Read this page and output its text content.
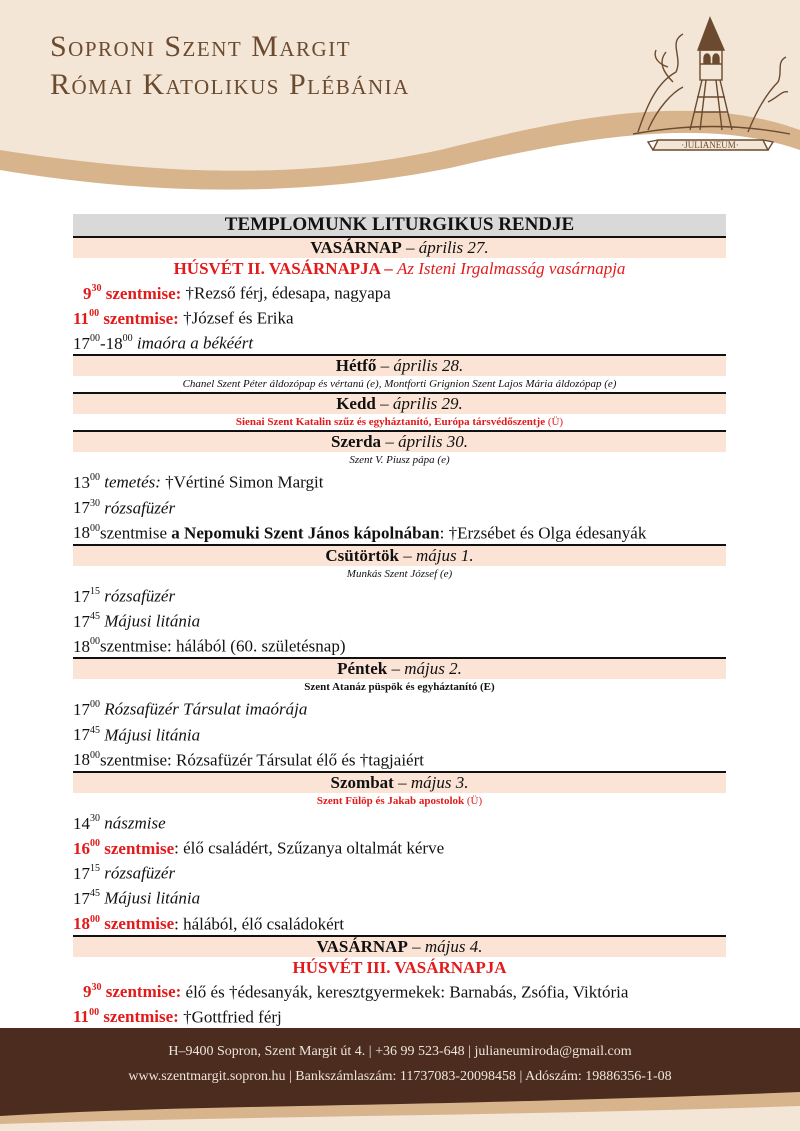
Soproni Szent Margit
Római Katolikus Plébánia
·JULIANEUM·
TEMPLOMUNK LITURGIKUS RENDJE
VASÁRNAP – április 27.
HÚSVÉT II. VASÁRNAPJA – Az Isteni Irgalmasság vasárnapja
$9^{30}$ szentmise: †Rezső férj, édesapa, nagyapa
$11^{00}$ szentmise: †József és Erika
$17^{00}-18^{00}$ imaóra a békéért
Hétfő – április 28.
Chanel Szent Péter áldozópap és vértanú (e), Montforti Grignion Szent Lajos Mária áldozópap (e)
Kedd – április 29.
Sienai Szent Katalin szűz és egyháztanító, Európa társvédőszentje (Ü)
Szerda – április 30.
Szent V. Piusz pápa (e)
$13^{00}$ temetés: †Vértiné Simon Margit
$17^{30}$ rózsafüzér
$18^{00}szentmise$ a Nepomuki Szent János kápolnában: †Erzsébet és Olga édesanyák
Csütörtök – május 1.
Munkás Szent József (e)
$17^{15}$ rózsafüzér
$17^{45}$ Májusi litánia
$18^{00}szentmise$: hálából (60. születésnap)
Péntek – május 2.
Szent Atanáz püspök és egyháztanító (E)
$17^{00}$ Rózsafüzér Társulat imaórája
$17^{45}$ Májusi litánia
$18^{00}szentmise$: Rózsafüzér Társulat élő és †tagjaiért
Szombat – május 3.
Szent Fülöp és Jakab apostolok (Ü)
$14^{30}$ nászmise
$16^{00}$ szentmise: élő családért, Szűzanya oltalmát kérve
$17^{15}$ rózsafüzér
$17^{45}$ Májusi litánia
$18^{00}$ szentmise: hálából, élő családokért
VASÁRNAP – május 4.
HÚSVÉT III. VASÁRNAPJA
$9^{30}$ szentmise: élő és †édesanyák, keresztgyermekek: Barnabás, Zsófia, Viktória
$11^{00}$ szentmise: †Gottfried férj
H–9400 Sopron, Szent Margit út 4. | +36 99 523-648 | julianeumiroda@gmail.com
www.szentmargit.sopron.hu | Bankszámlaszám: 11737083-20098458 | Adószám: 19886356-1-08
